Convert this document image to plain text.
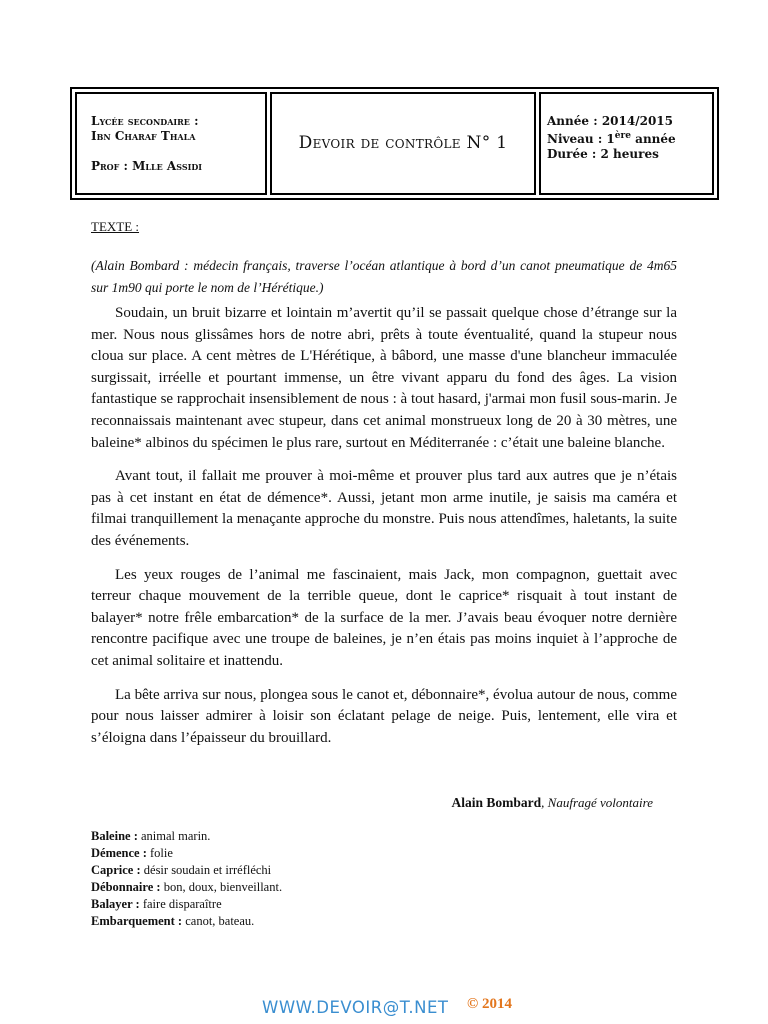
Lycée secondaire :
Ibn Charaf Thala
Prof : Mlle Assidi
Devoir de contrôle N° 1
Année : 2014/2015
Niveau : 1ère année
Durée : 2 heures
TEXTE :
(Alain Bombard : médecin français, traverse l’océan atlantique à bord d’un canot pneumatique de 4m65 sur 1m90 qui porte le nom de l’Hérétique.)

Soudain, un bruit bizarre et lointain m’avertit qu’il se passait quelque chose d’étrange sur la mer. Nous nous glissâmes hors de notre abri, prêts à toute éventualité, quand la stupeur nous cloua sur place. A cent mètres de L'Hérétique, à bâbord, une masse d'une blancheur immaculée surgissait, irréelle et pourtant immense, un être vivant apparu du fond des âges. La vision fantastique se rapprochait insensiblement de nous : à tout hasard, j'armai mon fusil sous-marin. Je reconnaissais maintenant avec stupeur, dans cet animal monstrueux long de 20 à 30 mètres, une baleine* albinos du spécimen le plus rare, surtout en Méditerranée : c’était une baleine blanche.

Avant tout, il fallait me prouver à moi-même et prouver plus tard aux autres que je n’étais pas à cet instant en état de démence*. Aussi, jetant mon arme inutile, je saisis ma caméra et filmai tranquillement la menaçante approche du monstre. Puis nous attendîmes, haletants, la suite des événements.

Les yeux rouges de l’animal me fascinaient, mais Jack, mon compagnon, guettait avec terreur chaque mouvement de la terrible queue, dont le caprice* risquait à tout instant de balayer* notre frêle embarcation* de la surface de la mer. J’avais beau évoquer notre dernière rencontre pacifique avec une troupe de baleines, je n’en étais pas moins inquiet à l’approche de cet animal solitaire et inattendu.

La bête arriva sur nous, plongea sous le canot et, débonnaire*, évolua autour de nous, comme pour nous laisser admirer à loisir son éclatant pelage de neige. Puis, lentement, elle vira et s’éloigna dans l’épaisseur du brouillard.

Alain Bombard, Naufragé volontaire
Baleine : animal marin.
Démence : folie
Caprice : désir soudain et irréfléchi
Débonnaire : bon, doux, bienveillant.
Balayer : faire disparaître
Embarquement : canot, bateau.
WWW.DEVOIR@T.NET © 2014
